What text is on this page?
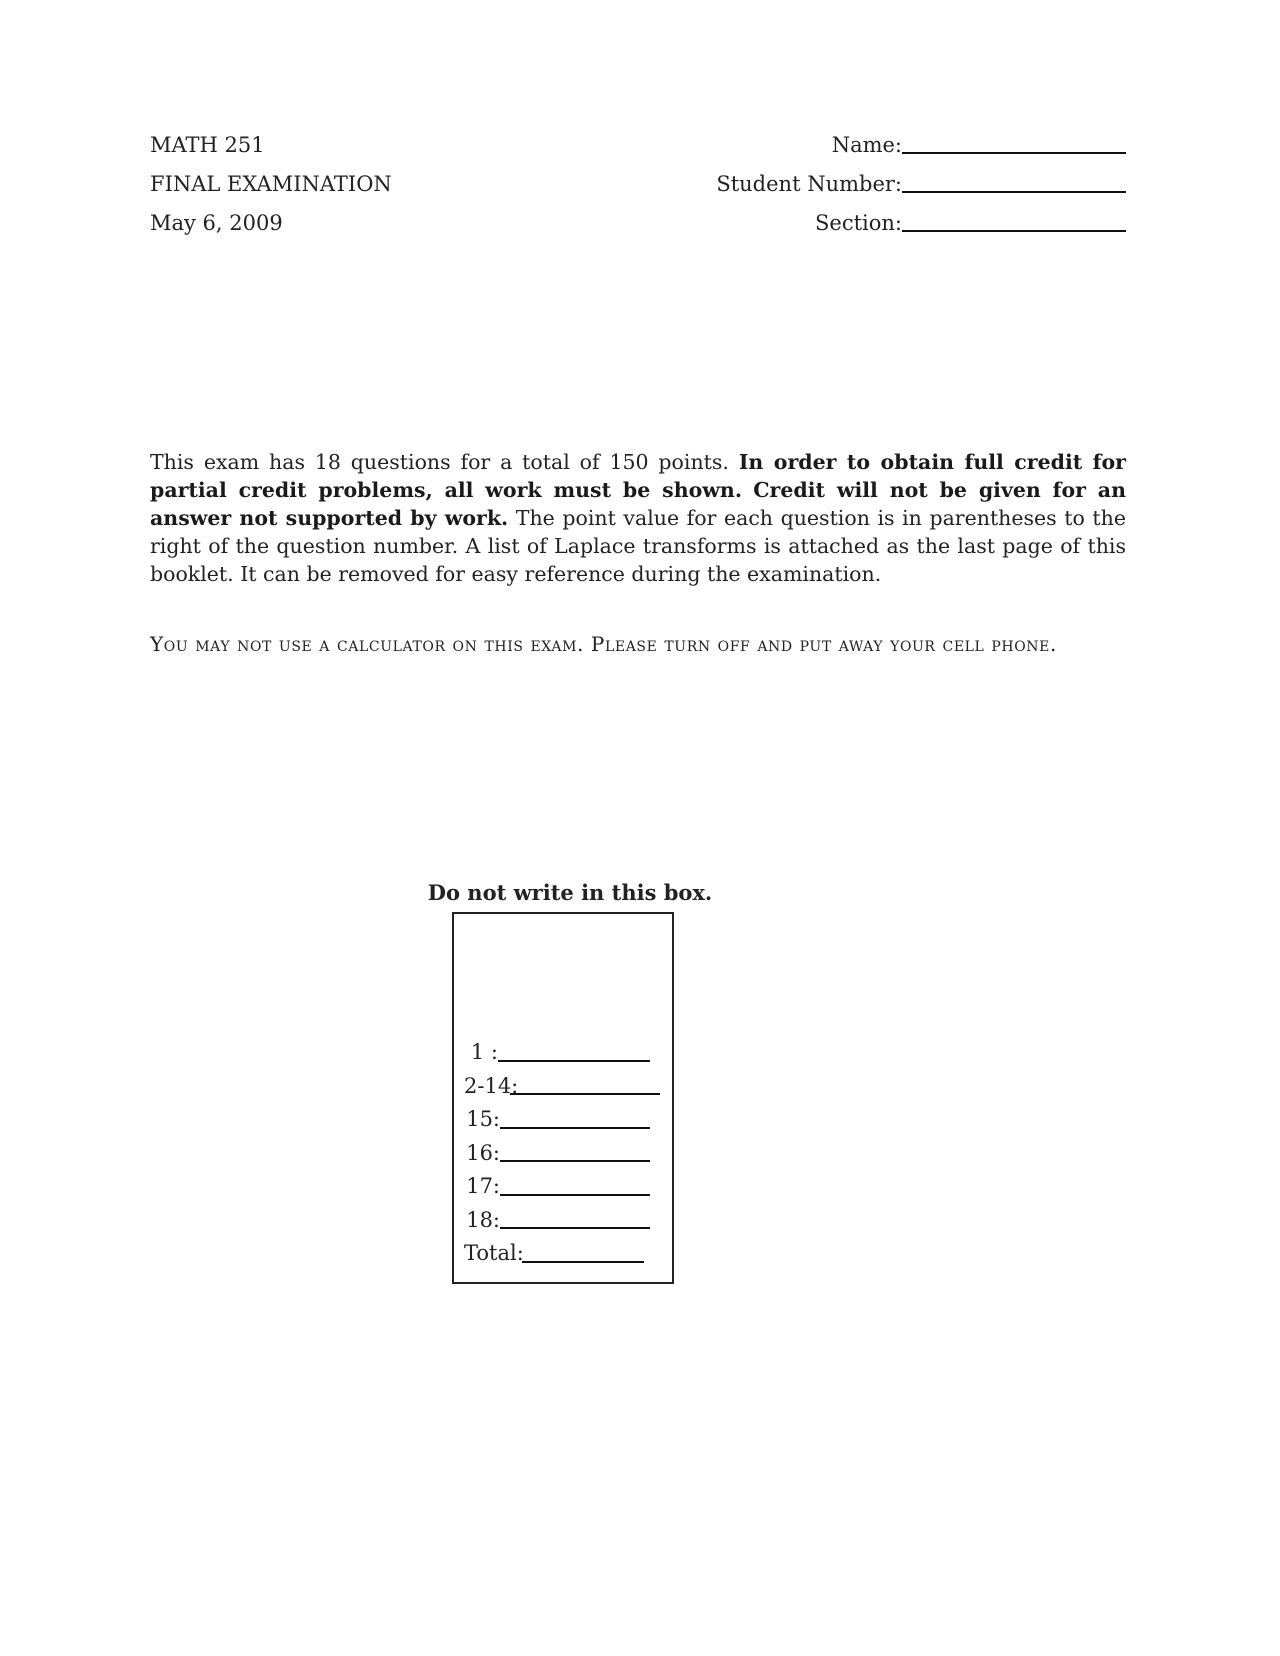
MATH 251
FINAL EXAMINATION
May 6, 2009
Name:
Student Number:
Section:

This exam has 18 questions for a total of 150 points. In order to obtain full credit for partial credit problems, all work must be shown. Credit will not be given for an answer not supported by work. The point value for each question is in parentheses to the right of the question number. A list of Laplace transforms is attached as the last page of this booklet. It can be removed for easy reference during the examination.

You may not use a calculator on this exam. Please turn off and put away your cell phone.

Do not write in this box.
1 :
2-14:
15:
16:
17:
18:
Total:
